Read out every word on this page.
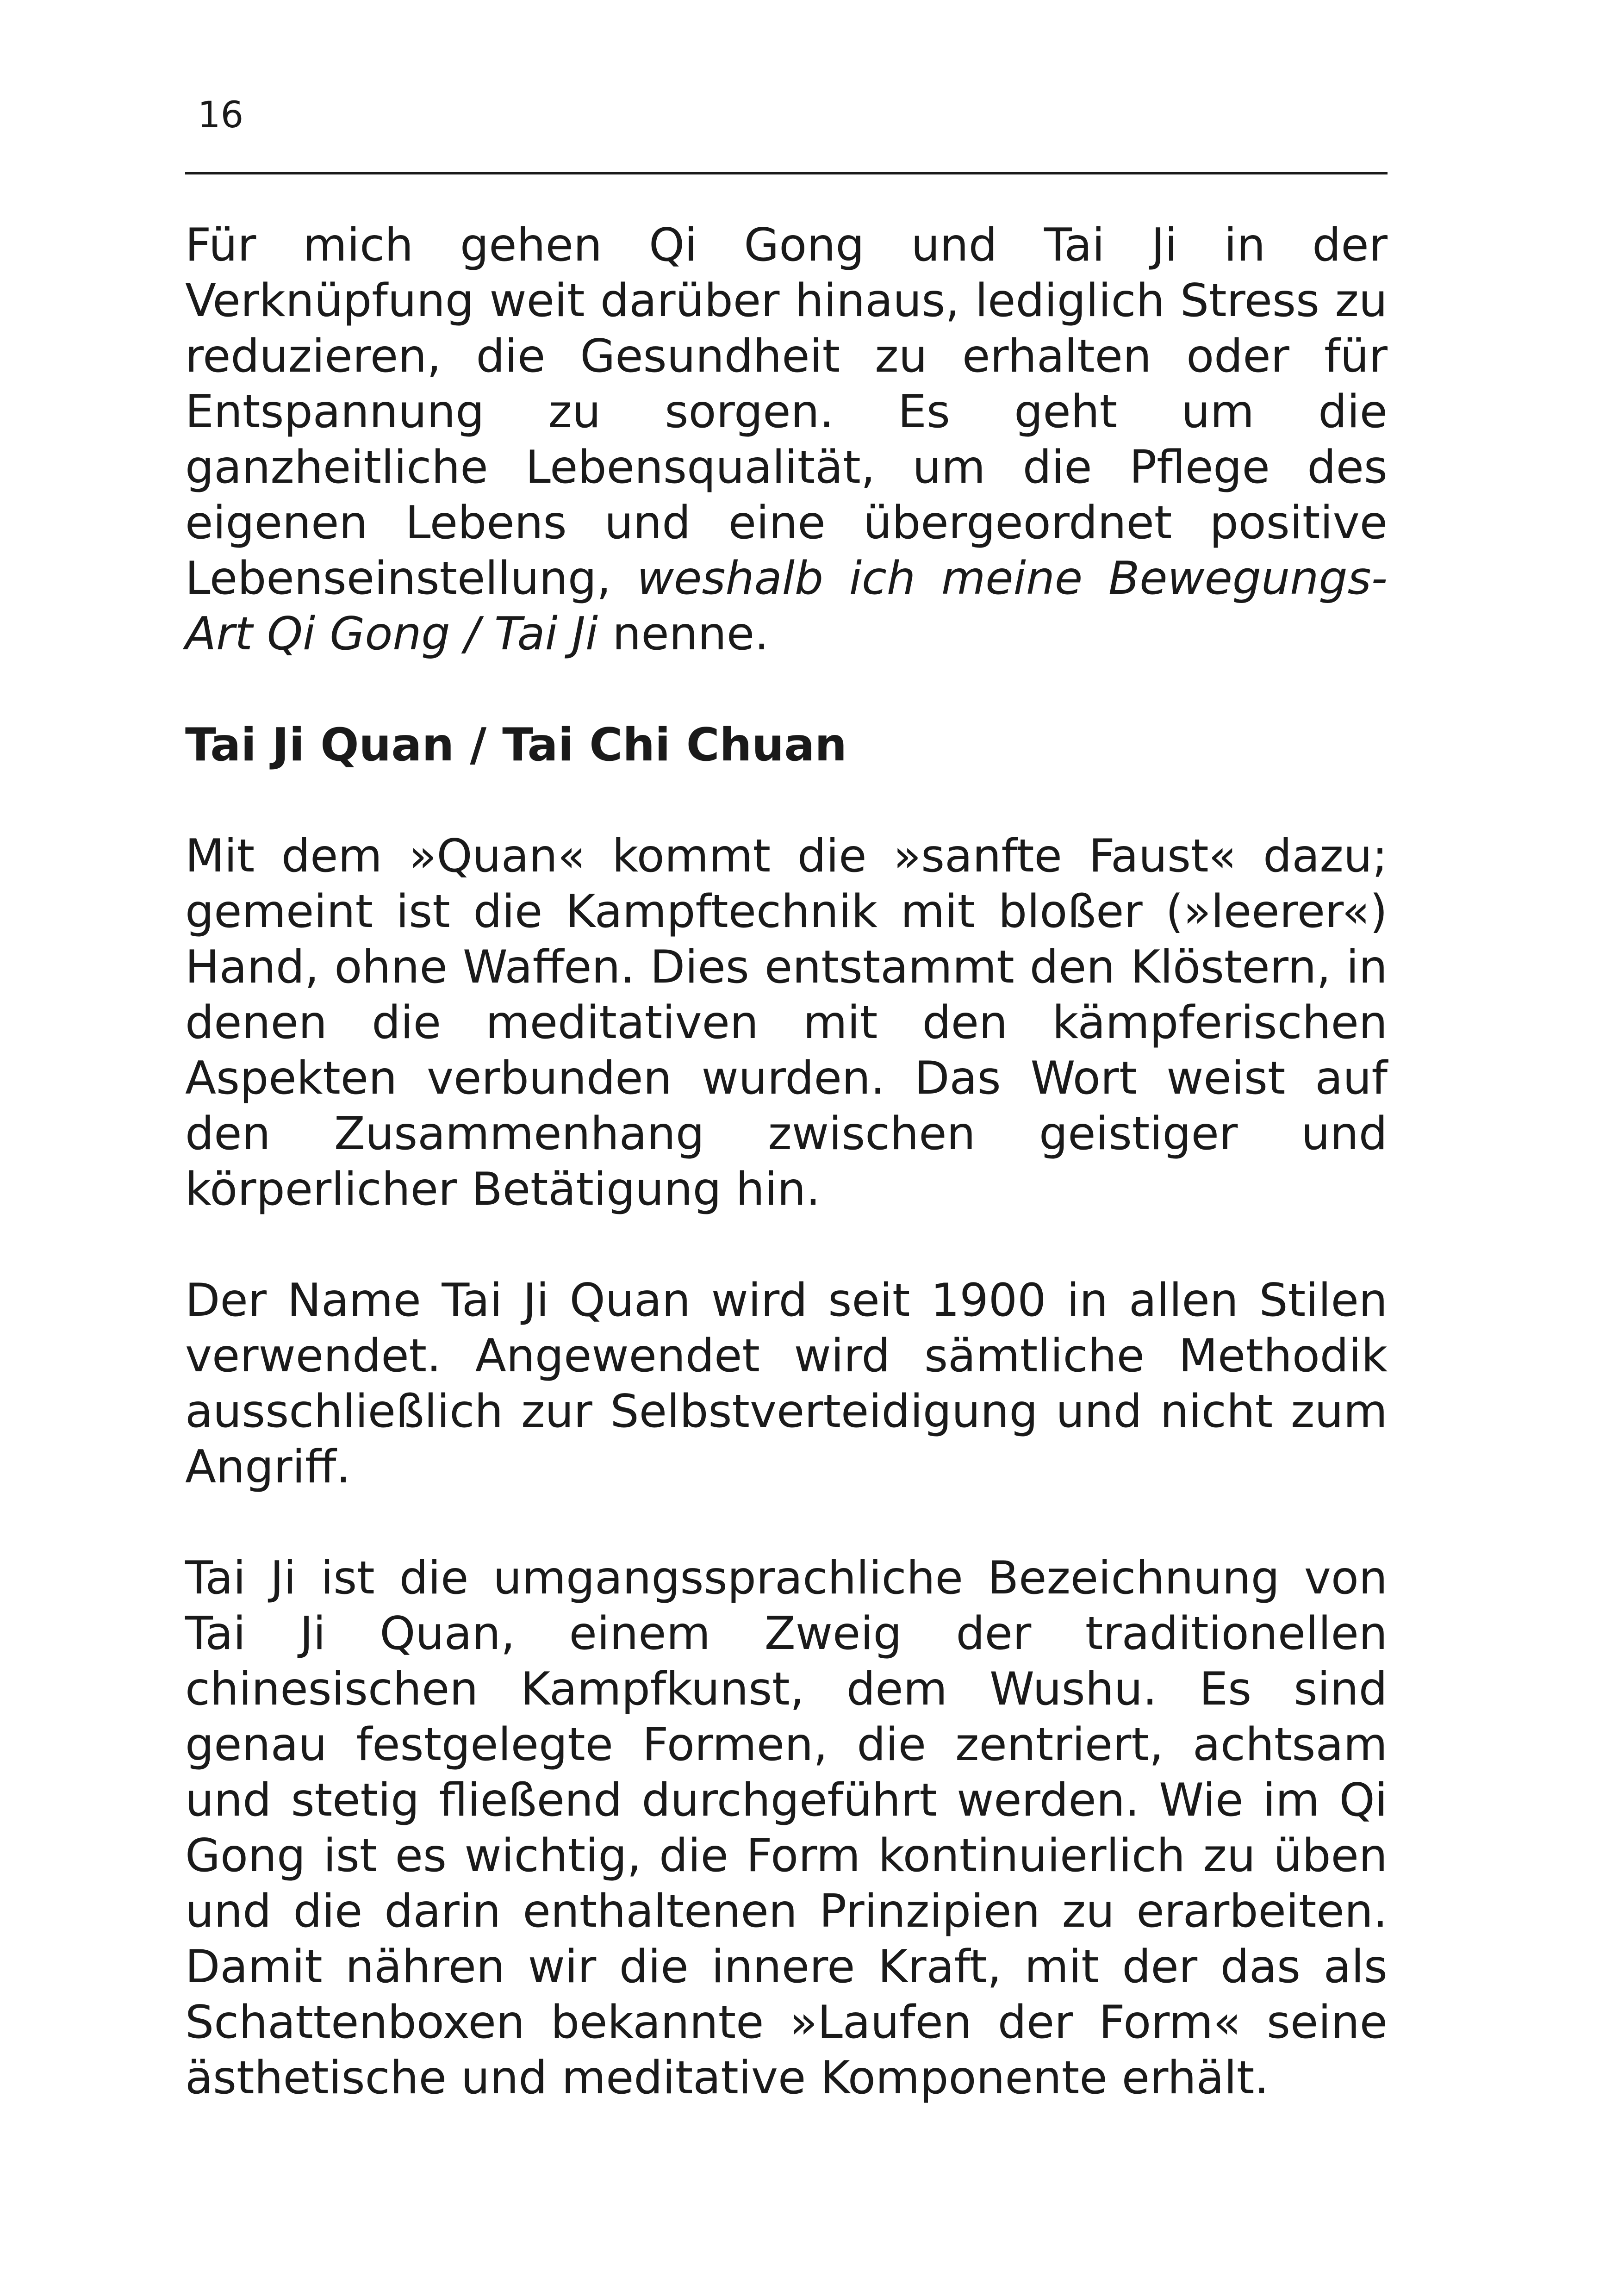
16

Für mich gehen Qi Gong und Tai Ji in der Verknüpfung weit darüber hinaus, lediglich Stress zu reduzieren, die Gesundheit zu erhalten oder für Entspannung zu sorgen. Es geht um die ganzheitliche Lebensqualität, um die Pflege des eigenen Lebens und eine übergeordnet positive Lebenseinstellung, weshalb ich meine Bewegungs-Art Qi Gong / Tai Ji nenne.

Tai Ji Quan / Tai Chi Chuan

Mit dem »Quan« kommt die »sanfte Faust« dazu; gemeint ist die Kampftechnik mit bloßer (»leerer«) Hand, ohne Waffen. Dies entstammt den Klöstern, in denen die meditativen mit den kämpferischen Aspekten verbunden wurden. Das Wort weist auf den Zusammenhang zwischen geistiger und körperlicher Betätigung hin.

Der Name Tai Ji Quan wird seit 1900 in allen Stilen verwendet. Angewendet wird sämtliche Methodik ausschließlich zur Selbstverteidigung und nicht zum Angriff.

Tai Ji ist die umgangssprachliche Bezeichnung von Tai Ji Quan, einem Zweig der traditionellen chinesischen Kampfkunst, dem Wushu. Es sind genau festgelegte Formen, die zentriert, achtsam und stetig fließend durchgeführt werden. Wie im Qi Gong ist es wichtig, die Form kontinuierlich zu üben und die darin enthaltenen Prinzipien zu erarbeiten. Damit nähren wir die innere Kraft, mit der das als Schattenboxen bekannte »Laufen der Form« seine ästhetische und meditative Komponente erhält.
